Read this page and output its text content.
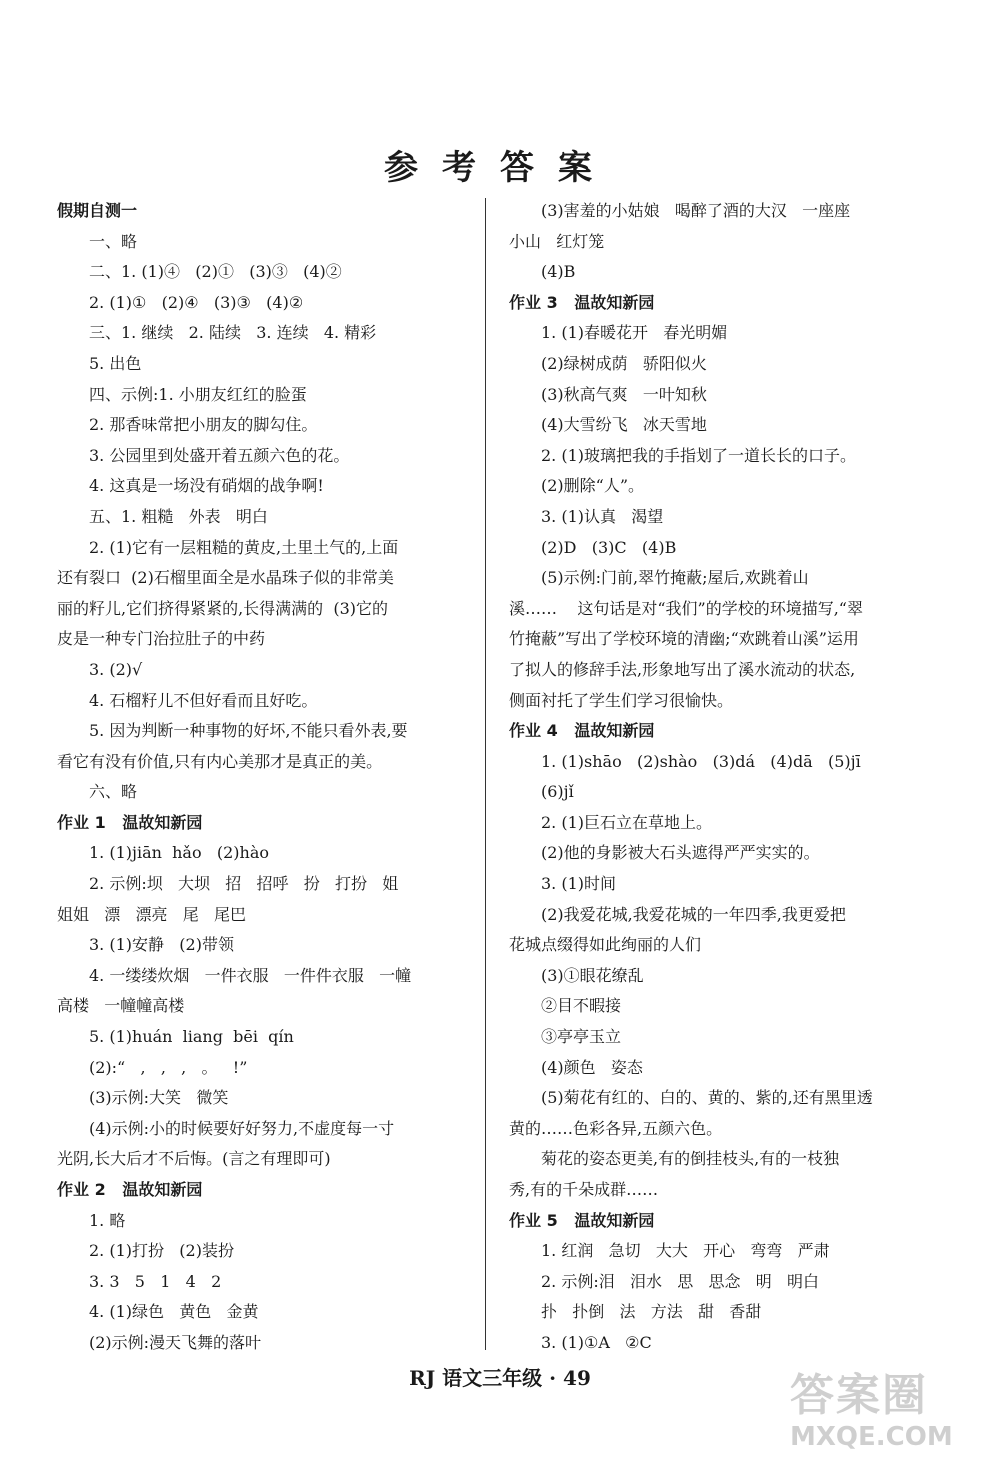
参考答案
假期自测一
一、略
二、1. (1)④   (2)①   (3)③   (4)②
2. (1)①   (2)④   (3)③   (4)②
三、1. 继续   2. 陆续   3. 连续   4. 精彩
5. 出色
四、示例:1. 小朋友红红的脸蛋
2. 那香味常把小朋友的脚勾住。
3. 公园里到处盛开着五颜六色的花。
4. 这真是一场没有硝烟的战争啊!
五、1. 粗糙   外表   明白
2. (1)它有一层粗糙的黄皮,土里土气的,上面
还有裂口  (2)石榴里面全是水晶珠子似的非常美
丽的籽儿,它们挤得紧紧的,长得满满的  (3)它的
皮是一种专门治拉肚子的中药
3. (2)√
4. 石榴籽儿不但好看而且好吃。
5. 因为判断一种事物的好坏,不能只看外表,要
看它有没有价值,只有内心美那才是真正的美。
六、略
作业 1   温故知新园
1. (1)jiān  hǎo   (2)hào
2. 示例:坝   大坝   招   招呼   扮   打扮   姐
姐姐   漂   漂亮   尾   尾巴
3. (1)安静   (2)带领
4. 一缕缕炊烟   一件衣服   一件件衣服   一幢
高楼   一幢幢高楼
5. (1)huán  liang  bēi  qín
(2):“   ,   ,   ,   。   !”
(3)示例:大笑   微笑
(4)示例:小的时候要好好努力,不虚度每一寸
光阴,长大后才不后悔。(言之有理即可)
作业 2   温故知新园
1. 略
2. (1)打扮   (2)装扮
3. 3   5   1   4   2
4. (1)绿色   黄色   金黄
(2)示例:漫天飞舞的落叶
(3)害羞的小姑娘   喝醉了酒的大汉   一座座
小山   红灯笼
(4)B
作业 3   温故知新园
1. (1)春暖花开   春光明媚
(2)绿树成荫   骄阳似火
(3)秋高气爽   一叶知秋
(4)大雪纷飞   冰天雪地
2. (1)玻璃把我的手指划了一道长长的口子。
(2)删除“人”。
3. (1)认真   渴望
(2)D   (3)C   (4)B
(5)示例:门前,翠竹掩蔽;屋后,欢跳着山
溪……    这句话是对“我们”的学校的环境描写,“翠
竹掩蔽”写出了学校环境的清幽;“欢跳着山溪”运用
了拟人的修辞手法,形象地写出了溪水流动的状态,
侧面衬托了学生们学习很愉快。
作业 4   温故知新园
1. (1)shāo   (2)shào   (3)dá   (4)dā   (5)jī
(6)jǐ
2. (1)巨石立在草地上。
(2)他的身影被大石头遮得严严实实的。
3. (1)时间
(2)我爱花城,我爱花城的一年四季,我更爱把
花城点缀得如此绚丽的人们
(3)①眼花缭乱
②目不暇接
③亭亭玉立
(4)颜色   姿态
(5)菊花有红的、白的、黄的、紫的,还有黑里透
黄的……色彩各异,五颜六色。
菊花的姿态更美,有的倒挂枝头,有的一枝独
秀,有的千朵成群……
作业 5   温故知新园
1. 红润   急切   大大   开心   弯弯   严肃
2. 示例:泪   泪水   思   思念   明   明白
扑   扑倒   法   方法   甜   香甜
3. (1)①A   ②C
RJ 语文三年级 · 49	答案圈
MXQE.COM
